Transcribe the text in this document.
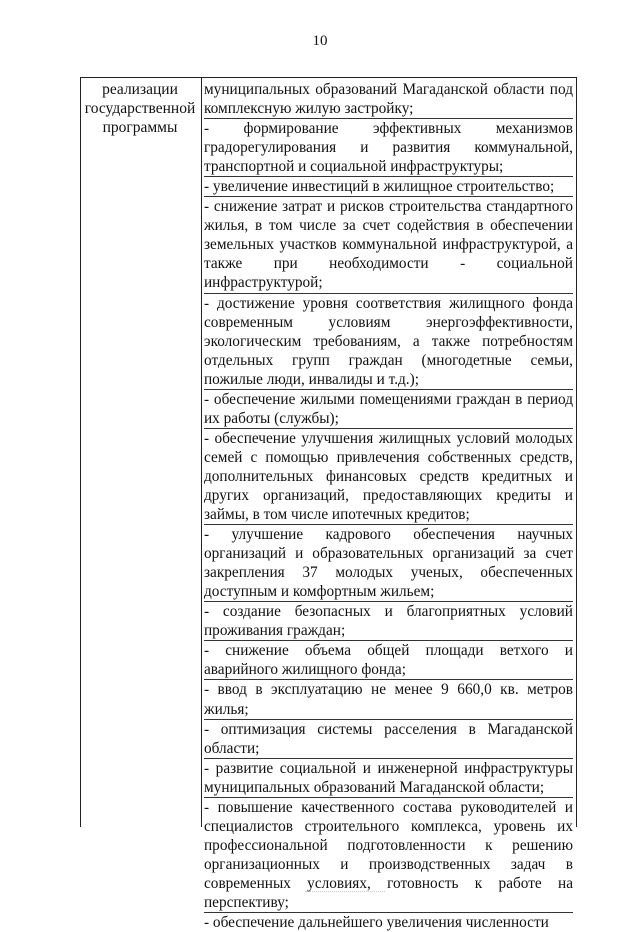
10
реализации
государственной
программы

муниципальных образований Магаданской области под комплексную жилую застройку;

- формирование эффективных механизмов градорегулирования и развития коммунальной, транспортной и социальной инфраструктуры;

- увеличение инвестиций в жилищное строительство;

- снижение затрат и рисков строительства стандартного жилья, в том числе за счет содействия в обеспечении земельных участков коммунальной инфраструктурой, а также при необходимости - социальной инфраструктурой;

- достижение уровня соответствия жилищного фонда современным условиям энергоэффективности, экологическим требованиям, а также потребностям отдельных групп граждан (многодетные семьи, пожилые люди, инвалиды и т.д.);

- обеспечение жилыми помещениями граждан в период их работы (службы);

- обеспечение улучшения жилищных условий молодых семей с помощью привлечения собственных средств, дополнительных финансовых средств кредитных и других организаций, предоставляющих кредиты и займы, в том числе ипотечных кредитов;

- улучшение кадрового обеспечения научных организаций и образовательных организаций за счет закрепления 37 молодых ученых, обеспеченных доступным и комфортным жильем;

- создание безопасных и благоприятных условий проживания граждан;

- снижение объема общей площади ветхого и аварийного жилищного фонда;

- ввод в эксплуатацию не менее 9 660,0 кв. метров жилья;

- оптимизация системы расселения в Магаданской области;

- развитие социальной и инженерной инфраструктуры муниципальных образований Магаданской области;

- повышение качественного состава руководителей и специалистов строительного комплекса, уровень их профессиональной подготовленности к решению организационных и производственных задач в современных условиях, готовность к работе на перспективу;

- обеспечение дальнейшего увеличения численности
